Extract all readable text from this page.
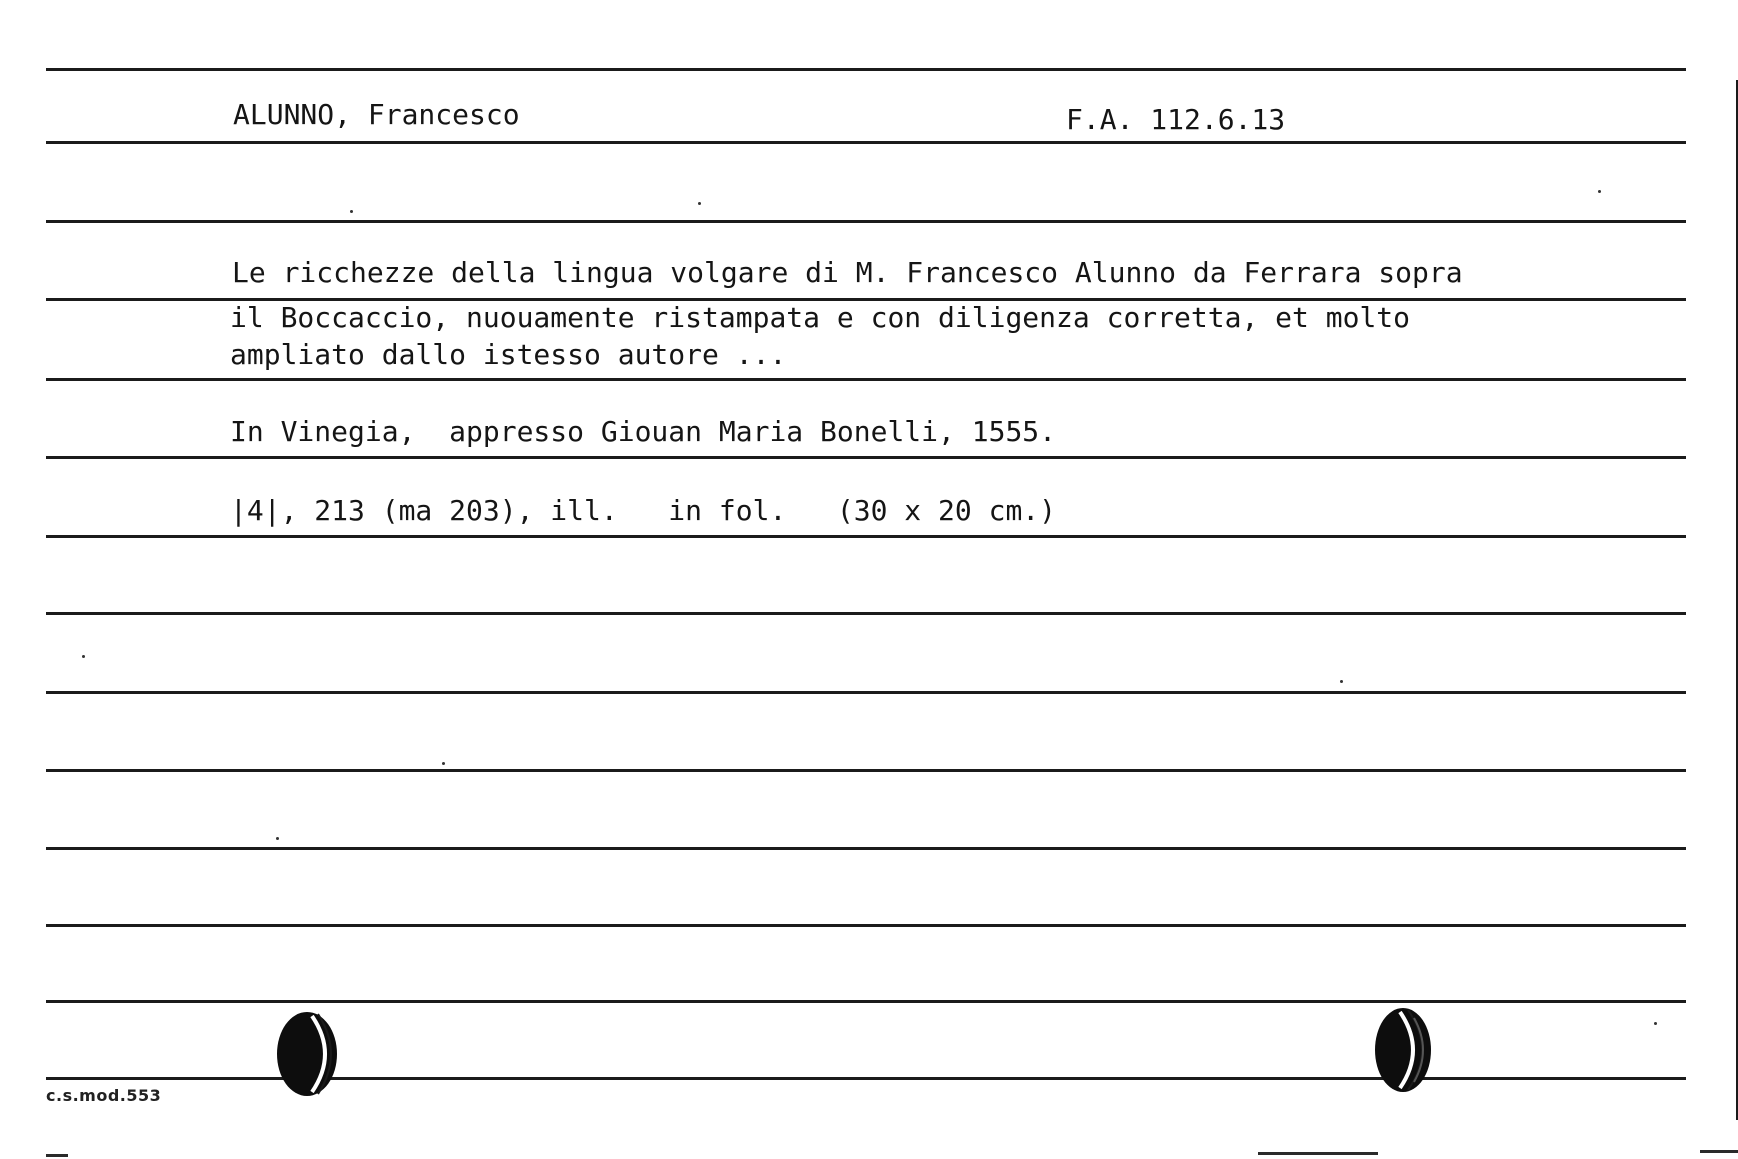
ALUNNO, Francesco	F.A. 112.6.13
Le ricchezze della lingua volgare di M. Francesco Alunno da Ferrara sopra
il Boccaccio, nuouamente ristampata e con diligenza corretta, et molto
ampliato dallo istesso autore ...
In Vinegia,  appresso Giouan Maria Bonelli, 1555.
|4|, 213 (ma 203), ill.   in fol.   (30 x 20 cm.)
c.s.mod.553
